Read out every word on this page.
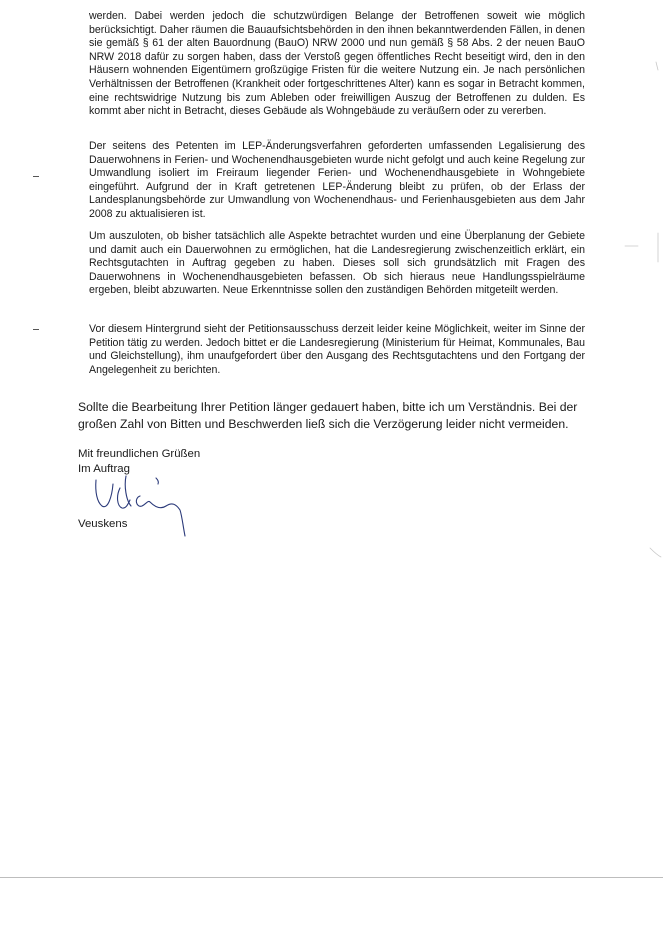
werden. Dabei werden jedoch die schutzwürdigen Belange der Betroffenen soweit wie möglich berücksichtigt. Daher räumen die Bauaufsichtsbehörden in den ihnen bekanntwerdenden Fällen, in denen sie gemäß § 61 der alten Bauordnung (BauO) NRW 2000 und nun gemäß § 58 Abs. 2 der neuen BauO NRW 2018 dafür zu sorgen haben, dass der Verstoß gegen öffentliches Recht beseitigt wird, den in den Häusern wohnenden Eigentümern großzügige Fristen für die weitere Nutzung ein. Je nach persönlichen Verhältnissen der Betroffenen (Krankheit oder fortgeschrittenes Alter) kann es sogar in Betracht kommen, eine rechtswidrige Nutzung bis zum Ableben oder freiwilligen Auszug der Betroffenen zu dulden. Es kommt aber nicht in Betracht, dieses Gebäude als Wohngebäude zu veräußern oder zu vererben.

Der seitens des Petenten im LEP-Änderungsverfahren geforderten umfassenden Legalisierung des Dauerwohnens in Ferien- und Wochenendhausgebieten wurde nicht gefolgt und auch keine Regelung zur Umwandlung isoliert im Freiraum liegender Ferien- und Wochenendhausgebiete in Wohngebiete eingeführt. Aufgrund der in Kraft getretenen LEP-Änderung bleibt zu prüfen, ob der Erlass der Landesplanungsbehörde zur Umwandlung von Wochenendhaus- und Ferienhausgebieten aus dem Jahr 2008 zu aktualisieren ist.

Um auszuloten, ob bisher tatsächlich alle Aspekte betrachtet wurden und eine Überplanung der Gebiete und damit auch ein Dauerwohnen zu ermöglichen, hat die Landesregierung zwischenzeitlich erklärt, ein Rechtsgutachten in Auftrag gegeben zu haben. Dieses soll sich grundsätzlich mit Fragen des Dauerwohnens in Wochenendhausgebieten befassen. Ob sich hieraus neue Handlungsspielräume ergeben, bleibt abzuwarten. Neue Erkenntnisse sollen den zuständigen Behörden mitgeteilt werden.

Vor diesem Hintergrund sieht der Petitionsausschuss derzeit leider keine Möglichkeit, weiter im Sinne der Petition tätig zu werden. Jedoch bittet er die Landesregierung (Ministerium für Heimat, Kommunales, Bau und Gleichstellung), ihm unaufgefordert über den Ausgang des Rechtsgutachtens und den Fortgang der Angelegenheit zu berichten.

Sollte die Bearbeitung Ihrer Petition länger gedauert haben, bitte ich um Verständnis. Bei der großen Zahl von Bitten und Beschwerden ließ sich die Verzögerung leider nicht vermeiden.

Mit freundlichen Grüßen

Im Auftrag

Veuskens
